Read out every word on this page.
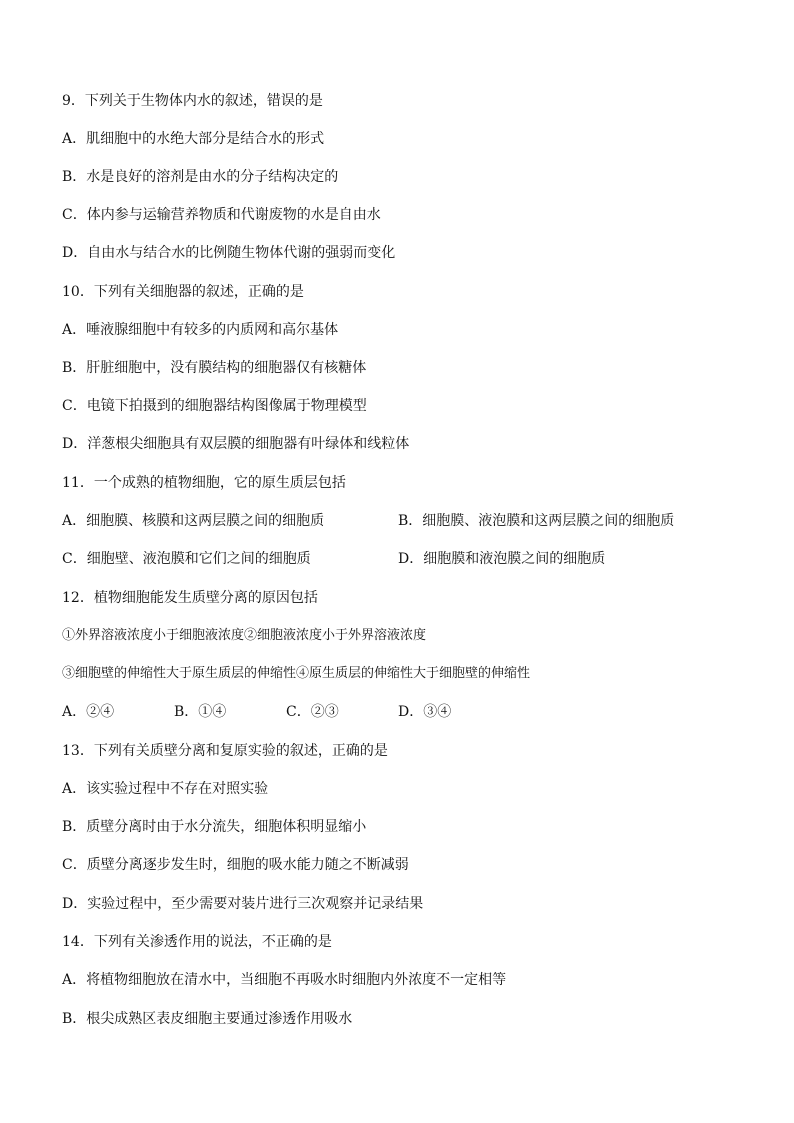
9．下列关于生物体内水的叙述，错误的是
A．肌细胞中的水绝大部分是结合水的形式
B．水是良好的溶剂是由水的分子结构决定的
C．体内参与运输营养物质和代谢废物的水是自由水
D．自由水与结合水的比例随生物体代谢的强弱而变化
10．下列有关细胞器的叙述，正确的是
A．唾液腺细胞中有较多的内质网和高尔基体
B．肝脏细胞中，没有膜结构的细胞器仅有核糖体
C．电镜下拍摄到的细胞器结构图像属于物理模型
D．洋葱根尖细胞具有双层膜的细胞器有叶绿体和线粒体
11．一个成熟的植物细胞，它的原生质层包括
A．细胞膜、核膜和这两层膜之间的细胞质	B．细胞膜、液泡膜和这两层膜之间的细胞质
C．细胞壁、液泡膜和它们之间的细胞质	D．细胞膜和液泡膜之间的细胞质
12．植物细胞能发生质壁分离的原因包括
①外界溶液浓度小于细胞液浓度②细胞液浓度小于外界溶液浓度
③细胞壁的伸缩性大于原生质层的伸缩性④原生质层的伸缩性大于细胞壁的伸缩性
A．②④	B．①④	C．②③	D．③④
13．下列有关质壁分离和复原实验的叙述，正确的是
A．该实验过程中不存在对照实验
B．质壁分离时由于水分流失，细胞体积明显缩小
C．质壁分离逐步发生时，细胞的吸水能力随之不断减弱
D．实验过程中，至少需要对装片进行三次观察并记录结果
14．下列有关渗透作用的说法，不正确的是
A．将植物细胞放在清水中，当细胞不再吸水时细胞内外浓度不一定相等
B．根尖成熟区表皮细胞主要通过渗透作用吸水
